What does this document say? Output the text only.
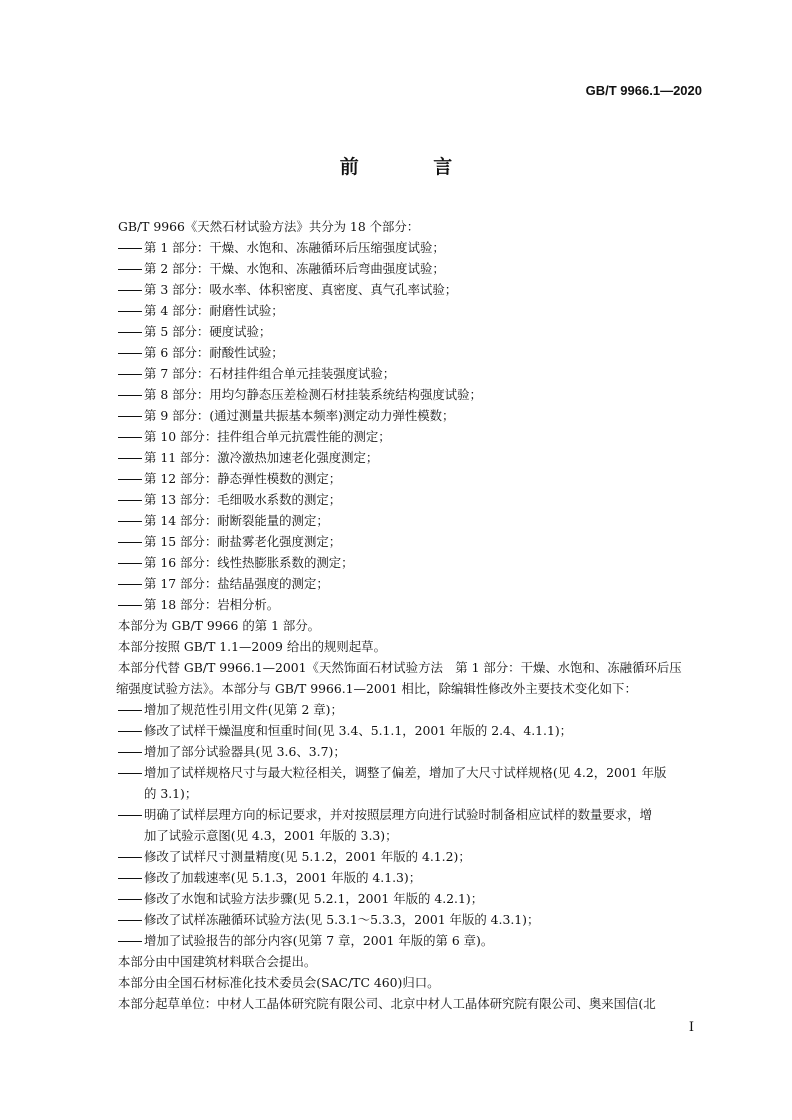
GB/T 9966.1—2020
前 言

GB/T 9966《天然石材试验方法》共分为 18 个部分：

第 1 部分：干燥、水饱和、冻融循环后压缩强度试验；

第 2 部分：干燥、水饱和、冻融循环后弯曲强度试验；

第 3 部分：吸水率、体积密度、真密度、真气孔率试验；

第 4 部分：耐磨性试验；

第 5 部分：硬度试验；

第 6 部分：耐酸性试验；

第 7 部分：石材挂件组合单元挂装强度试验；

第 8 部分：用均匀静态压差检测石材挂装系统结构强度试验；

第 9 部分：(通过测量共振基本频率)测定动力弹性模数；

第 10 部分：挂件组合单元抗震性能的测定；

第 11 部分：激冷激热加速老化强度测定；

第 12 部分：静态弹性模数的测定；

第 13 部分：毛细吸水系数的测定；

第 14 部分：耐断裂能量的测定；

第 15 部分：耐盐雾老化强度测定；

第 16 部分：线性热膨胀系数的测定；

第 17 部分：盐结晶强度的测定；

第 18 部分：岩相分析。

本部分为 GB/T 9966 的第 1 部分。

本部分按照 GB/T 1.1—2009 给出的规则起草。

本部分代替 GB/T 9966.1—2001《天然饰面石材试验方法　第 1 部分：干燥、水饱和、冻融循环后压

缩强度试验方法》。本部分与 GB/T 9966.1—2001 相比，除编辑性修改外主要技术变化如下：

增加了规范性引用文件(见第 2 章)；

修改了试样干燥温度和恒重时间(见 3.4、5.1.1，2001 年版的 2.4、4.1.1)；

增加了部分试验器具(见 3.6、3.7)；

增加了试样规格尺寸与最大粒径相关，调整了偏差，增加了大尺寸试样规格(见 4.2，2001 年版

的 3.1)；

明确了试样层理方向的标记要求，并对按照层理方向进行试验时制备相应试样的数量要求，增

加了试验示意图(见 4.3，2001 年版的 3.3)；

修改了试样尺寸测量精度(见 5.1.2，2001 年版的 4.1.2)；

修改了加载速率(见 5.1.3，2001 年版的 4.1.3)；

修改了水饱和试验方法步骤(见 5.2.1，2001 年版的 4.2.1)；

修改了试样冻融循环试验方法(见 5.3.1～5.3.3，2001 年版的 4.3.1)；

增加了试验报告的部分内容(见第 7 章，2001 年版的第 6 章)。

本部分由中国建筑材料联合会提出。

本部分由全国石材标准化技术委员会(SAC/TC 460)归口。

本部分起草单位：中材人工晶体研究院有限公司、北京中材人工晶体研究院有限公司、奥来国信(北

I
